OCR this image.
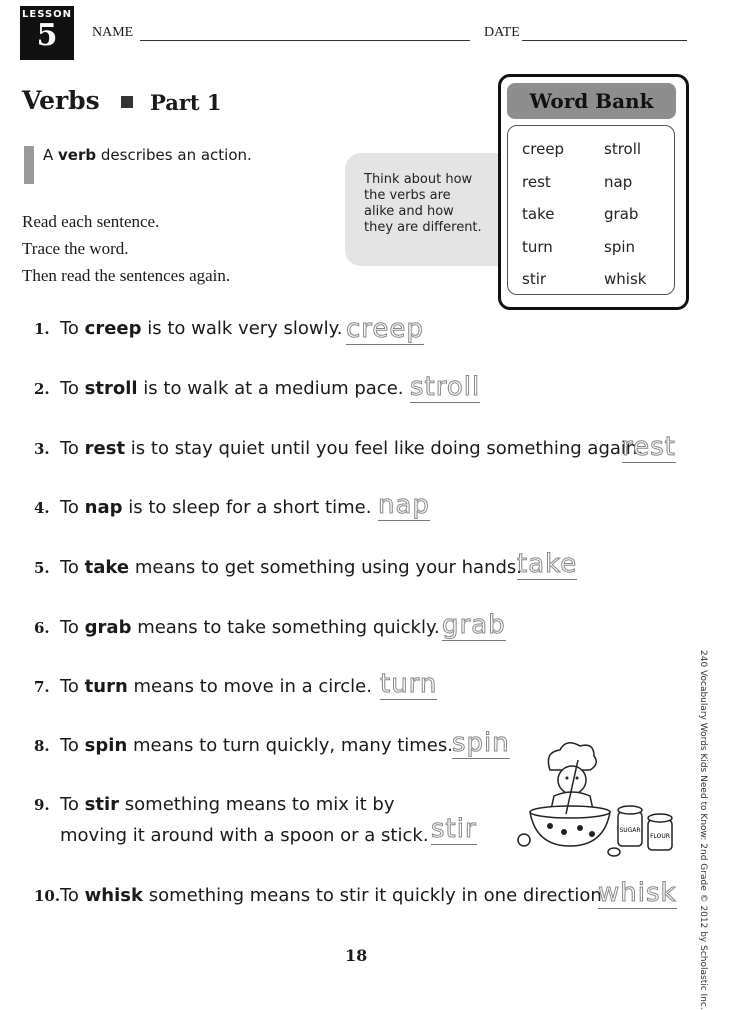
LESSON
5	NAME	DATE
Verbs Part 1
A verb describes an action.
Read each sentence.
Trace the word.
Then read the sentences again.
Think about how the verbs are alike and how they are different.
Word Bank
creep	stroll
rest	nap
take	grab
turn	spin
stir	whisk
1. To creep is to walk very slowly. creep
2. To stroll is to walk at a medium pace. stroll
3. To rest is to stay quiet until you feel like doing something again.
rest
4. To nap is to sleep for a short time. nap
5. To take means to get something using your hands.
take
6. To grab means to take something quickly. grab
7. To turn means to move in a circle. turn
8. To spin means to turn quickly, many times. spin
9. To stir something means to mix it by
moving it around with a spoon or a stick. stir
10.To whisk something means to stir it quickly in one direction.
whisk
SUGAR
FLOUR	240 Vocabulary Words Kids Need to Know: 2nd Grade © 2012 by Scholastic Inc.
18
